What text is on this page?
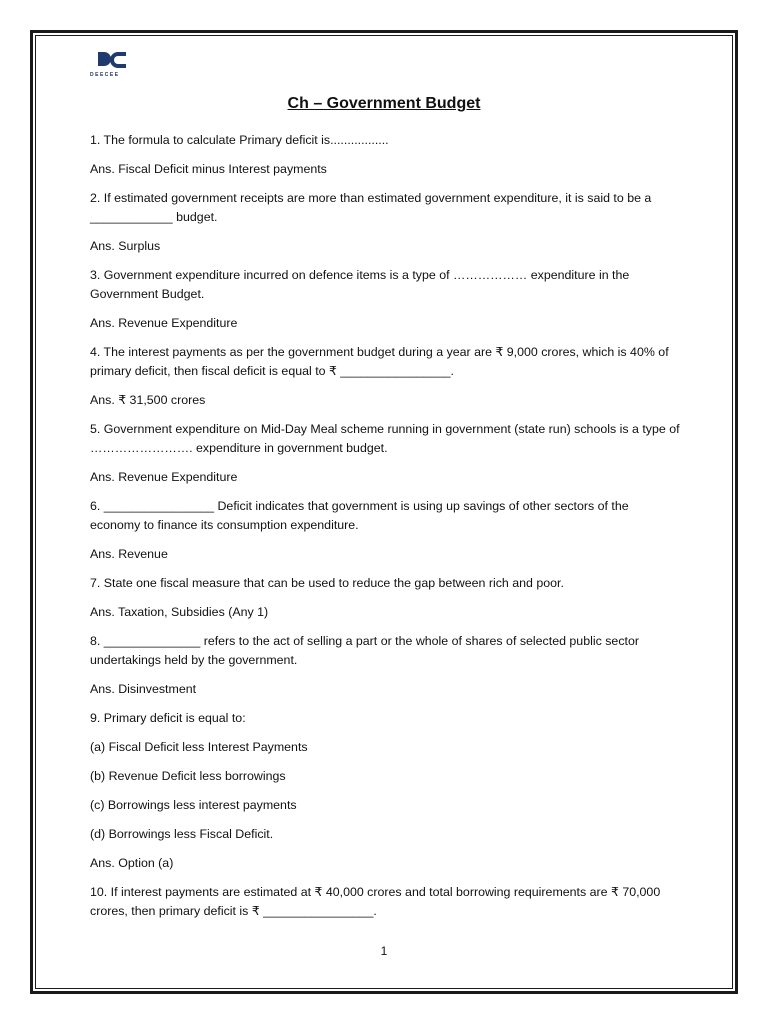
DEECEE
Ch – Government Budget

1. The formula to calculate Primary deficit is.................

Ans. Fiscal Deficit minus Interest payments

2. If estimated government receipts are more than estimated government expenditure, it is said to be a ____________ budget.

Ans. Surplus

3. Government expenditure incurred on defence items is a type of ……………… expenditure in the Government Budget.

Ans. Revenue Expenditure

4. The interest payments as per the government budget during a year are ₹ 9,000 crores, which is 40% of primary deficit, then fiscal deficit is equal to ₹ ________________.

Ans. ₹ 31,500 crores

5. Government expenditure on Mid-Day Meal scheme running in government (state run) schools is a type of ……………………. expenditure in government budget.

Ans. Revenue Expenditure

6. ________________ Deficit indicates that government is using up savings of other sectors of the economy to finance its consumption expenditure.

Ans. Revenue

7. State one fiscal measure that can be used to reduce the gap between rich and poor.

Ans. Taxation, Subsidies (Any 1)

8. ______________ refers to the act of selling a part or the whole of shares of selected public sector undertakings held by the government.

Ans. Disinvestment

9. Primary deficit is equal to:

(a) Fiscal Deficit less Interest Payments

(b) Revenue Deficit less borrowings

(c) Borrowings less interest payments

(d) Borrowings less Fiscal Deficit.

Ans. Option (a)

10. If interest payments are estimated at ₹ 40,000 crores and total borrowing requirements are ₹ 70,000 crores, then primary deficit is ₹ ________________.

1
